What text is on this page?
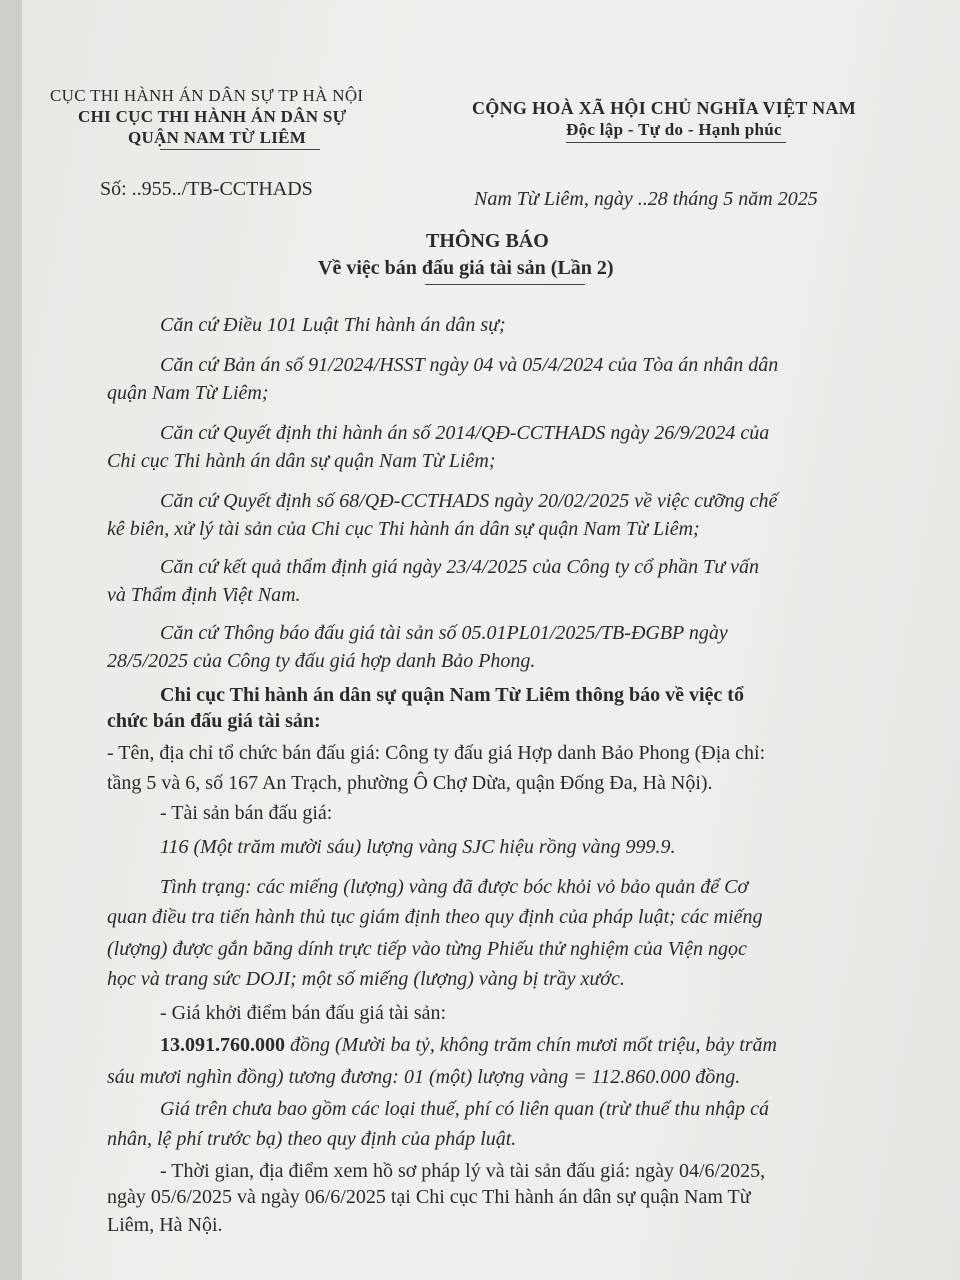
CỤC THI HÀNH ÁN DÂN SỰ TP HÀ NỘI
CHI CỤC THI HÀNH ÁN DÂN SỰ
QUẬN NAM TỪ LIÊM
CỘNG HOÀ XÃ HỘI CHỦ NGHĨA VIỆT NAM
Độc lập - Tự do - Hạnh phúc
Số: ..955../TB-CCTHADS	Nam Từ Liêm, ngày ..28 tháng 5 năm 2025
THÔNG BÁO
Về việc bán đấu giá tài sản (Lần 2)
Căn cứ Điều 101 Luật Thi hành án dân sự;
Căn cứ Bản án số 91/2024/HSST ngày 04 và 05/4/2024 của Tòa án nhân dân
quận Nam Từ Liêm;
Căn cứ Quyết định thi hành án số 2014/QĐ-CCTHADS ngày 26/9/2024 của
Chi cục Thi hành án dân sự quận Nam Từ Liêm;
Căn cứ Quyết định số 68/QĐ-CCTHADS ngày 20/02/2025 về việc cưỡng chế
kê biên, xử lý tài sản của Chi cục Thi hành án dân sự quận Nam Từ Liêm;
Căn cứ kết quả thẩm định giá ngày 23/4/2025 của Công ty cổ phần Tư vấn
và Thẩm định Việt Nam.
Căn cứ Thông báo đấu giá tài sản số 05.01PL01/2025/TB-ĐGBP ngày
28/5/2025 của Công ty đấu giá hợp danh Bảo Phong.
Chi cục Thi hành án dân sự quận Nam Từ Liêm thông báo về việc tổ
chức bán đấu giá tài sản:
- Tên, địa chỉ tổ chức bán đấu giá: Công ty đấu giá Hợp danh Bảo Phong (Địa chỉ:
tầng 5 và 6, số 167 An Trạch, phường Ô Chợ Dừa, quận Đống Đa, Hà Nội).
- Tài sản bán đấu giá:
116 (Một trăm mười sáu) lượng vàng SJC hiệu rồng vàng 999.9.
Tình trạng: các miếng (lượng) vàng đã được bóc khỏi vỏ bảo quản để Cơ
quan điều tra tiến hành thủ tục giám định theo quy định của pháp luật; các miếng
(lượng) được gắn băng dính trực tiếp vào từng Phiếu thử nghiệm của Viện ngọc
học và trang sức DOJI; một số miếng (lượng) vàng bị trầy xước.
- Giá khởi điểm bán đấu giá tài sản:
13.091.760.000 đồng (Mười ba tỷ, không trăm chín mươi mốt triệu, bảy trăm
sáu mươi nghìn đồng) tương đương: 01 (một) lượng vàng = 112.860.000 đồng.
Giá trên chưa bao gồm các loại thuế, phí có liên quan (trừ thuế thu nhập cá
nhân, lệ phí trước bạ) theo quy định của pháp luật.
- Thời gian, địa điểm xem hồ sơ pháp lý và tài sản đấu giá: ngày 04/6/2025,
ngày 05/6/2025 và ngày 06/6/2025 tại Chi cục Thi hành án dân sự quận Nam Từ
Liêm, Hà Nội.
